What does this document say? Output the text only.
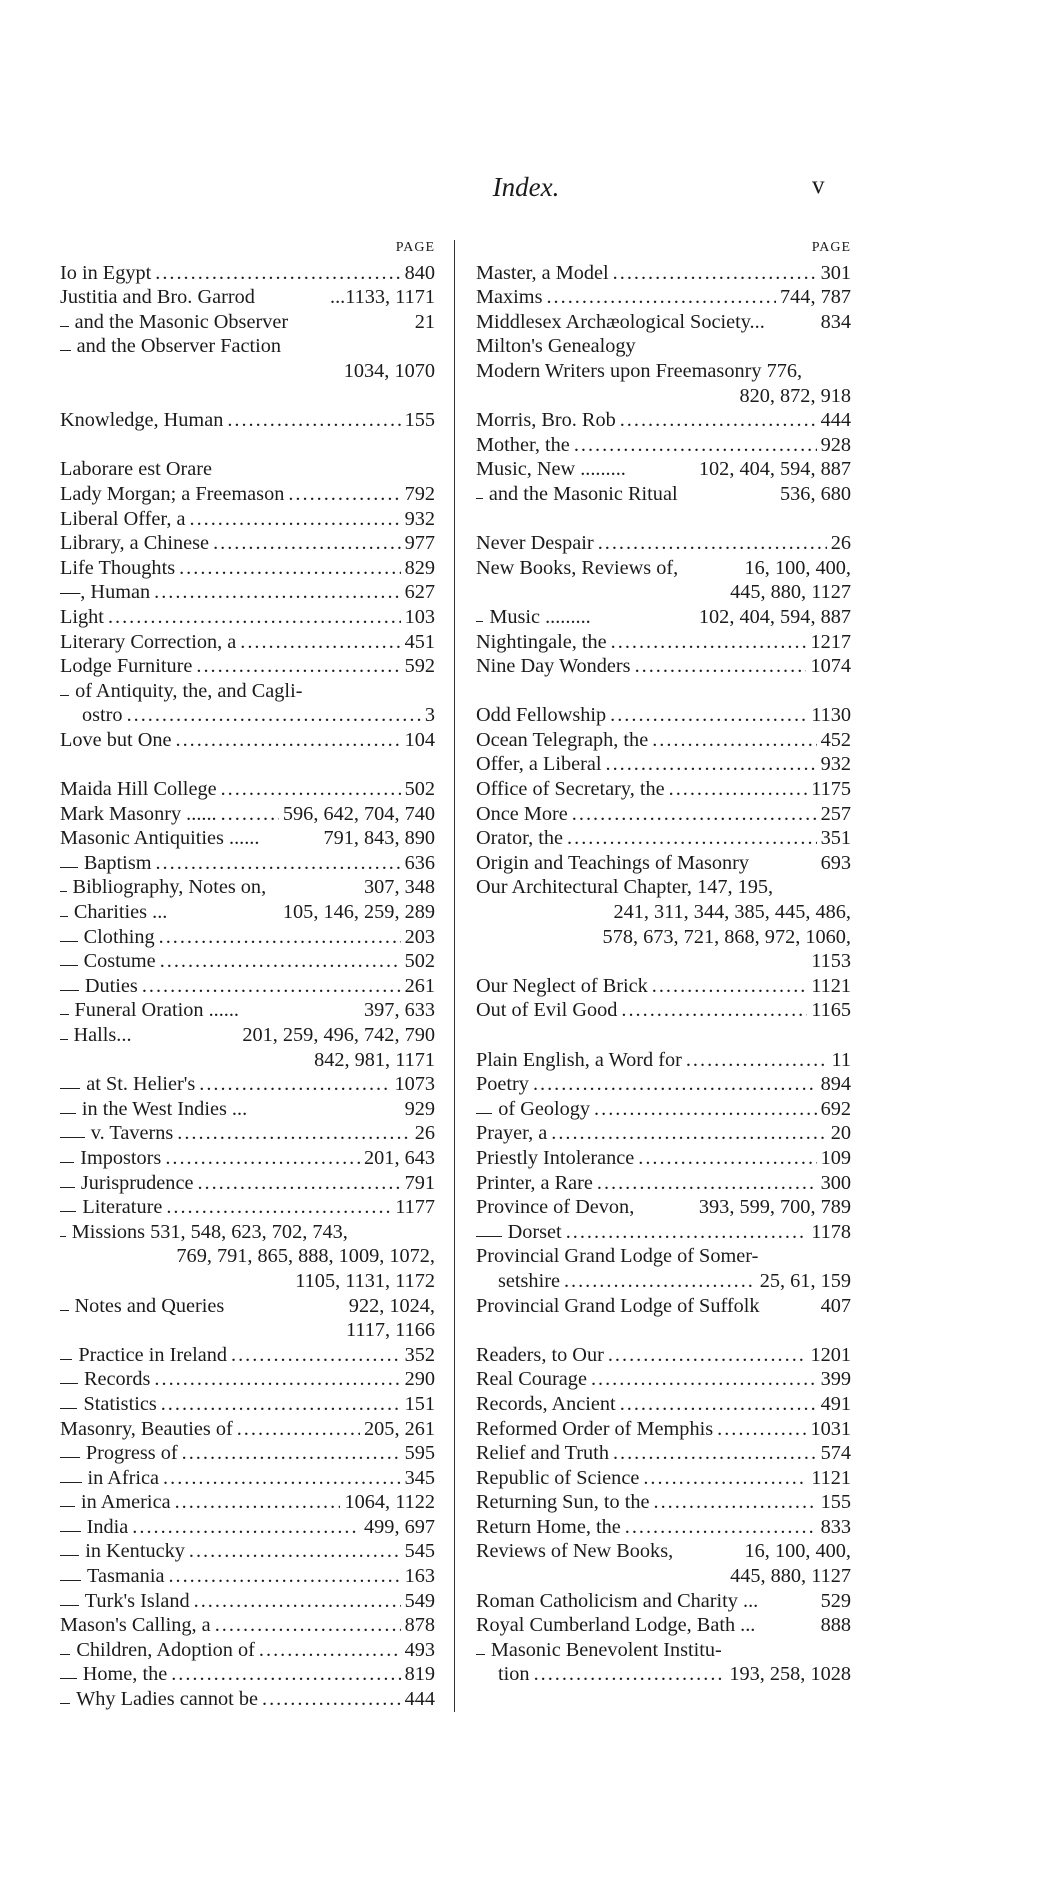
Index.	v
PAGE
Io in Egypt .....	840
Justitia and Bro. Garrod	...1133, 1171
and the Masonic Observer	21
and the Observer Faction
1034, 1070
Knowledge, Human .....	155
Laborare est Orare
Lady Morgan; a Freemason .....	792
Liberal Offer, a .....	932
Library, a Chinese .....	977
Life Thoughts .....	829
—, Human .....	627
Light .....	103
Literary Correction, a .....	451
Lodge Furniture .....	592
of Antiquity, the, and Cagli-
ostro .....	3
Love but One .....	104
Maida Hill College .....	502
Mark Masonry ...... .....	596, 642, 704, 740
Masonic Antiquities ......	791, 843, 890
Baptism .....	636
Bibliography, Notes on,	307, 348
Charities ...	105, 146, 259, 289
Clothing .....	203
Costume .....	502
Duties .....	261
Funeral Oration ......	397, 633
Halls...	201, 259, 496, 742, 790
842, 981, 1171
at St. Helier's .....	1073
in the West Indies ...	929
v. Taverns .....	26
Impostors .....	201, 643
Jurisprudence .....	791
Literature .....	1177
Missions 531, 548, 623, 702, 743,
769, 791, 865, 888, 1009, 1072,
1105, 1131, 1172
Notes and Queries	922, 1024,
1117, 1166
Practice in Ireland .....	352
Records .....	290
Statistics .....	151
Masonry, Beauties of .....	205, 261
Progress of .....	595
in Africa .....	345
in America .....	1064, 1122
India .....	499, 697
in Kentucky .....	545
Tasmania .....	163
Turk's Island .....	549
Mason's Calling, a .....	878
Children, Adoption of .....	493
Home, the .....	819
Why Ladies cannot be .....	444
PAGE
Master, a Model .....	301
Maxims .....	744, 787
Middlesex Archæological Society...	834
Milton's Genealogy
Modern Writers upon Freemasonry 776,
820, 872, 918
Morris, Bro. Rob .....	444
Mother, the .....	928
Music, New .........	102, 404, 594, 887
and the Masonic Ritual	536, 680
Never Despair .....	26
New Books, Reviews of,	16, 100, 400,
445, 880, 1127
Music .........	102, 404, 594, 887
Nightingale, the .....	1217
Nine Day Wonders .....	1074
Odd Fellowship .....	1130
Ocean Telegraph, the .....	452
Offer, a Liberal .....	932
Office of Secretary, the .....	1175
Once More .....	257
Orator, the .....	351
Origin and Teachings of Masonry	693
Our Architectural Chapter, 147, 195,
241, 311, 344, 385, 445, 486,
578, 673, 721, 868, 972, 1060,
1153
Our Neglect of Brick .....	1121
Out of Evil Good .....	1165
Plain English, a Word for .....	11
Poetry .....	894
of Geology .....	692
Prayer, a .....	20
Priestly Intolerance .....	109
Printer, a Rare .....	300
Province of Devon,	393, 599, 700, 789
Dorset .....	1178
Provincial Grand Lodge of Somer-
setshire .....	25, 61, 159
Provincial Grand Lodge of Suffolk	407
Readers, to Our .....	1201
Real Courage .....	399
Records, Ancient .....	491
Reformed Order of Memphis .....	1031
Relief and Truth .....	574
Republic of Science .....	1121
Returning Sun, to the .....	155
Return Home, the .....	833
Reviews of New Books,	16, 100, 400,
445, 880, 1127
Roman Catholicism and Charity ...	529
Royal Cumberland Lodge, Bath ...	888
Masonic Benevolent Institu-
tion .....	193, 258, 1028
